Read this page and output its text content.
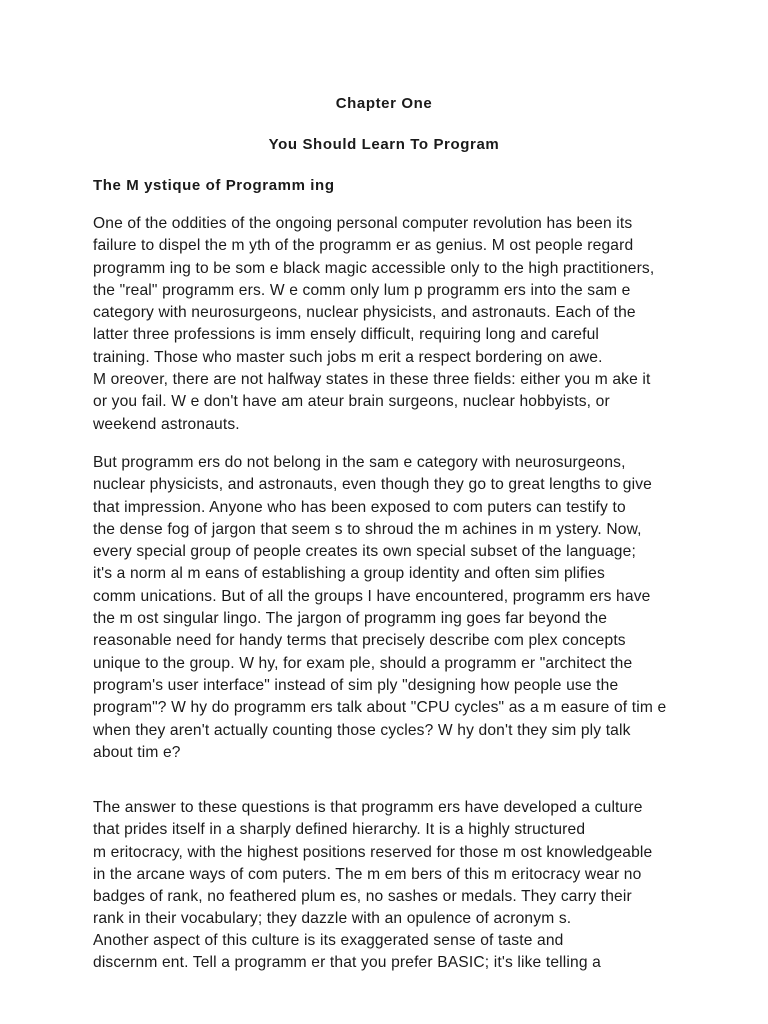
Chapter One
You Should Learn To Program
The M ystique of Programm ing

One of the oddities of the ongoing personal computer revolution has been its
failure to dispel the m yth of the programm er as genius. M ost people regard
programm ing to be som e black magic accessible only to the high practitioners,
the "real" programm ers. W e comm only lum p programm ers into the sam e
category with neurosurgeons, nuclear physicists, and astronauts. Each of the
latter three professions is imm ensely difficult, requiring long and careful
training. Those who master such jobs m erit a respect bordering on awe.
M oreover, there are not halfway states in these three fields: either you m ake it
or you fail. W e don't have am ateur brain surgeons, nuclear hobbyists, or
weekend astronauts.

But programm ers do not belong in the sam e category with neurosurgeons,
nuclear physicists, and astronauts, even though they go to great lengths to give
that impression. Anyone who has been exposed to com puters can testify to
the dense fog of jargon that seem s to shroud the m achines in m ystery. Now,
every special group of people creates its own special subset of the language;
it's a norm al m eans of establishing a group identity and often sim plifies
comm unications. But of all the groups I have encountered, programm ers have
the m ost singular lingo. The jargon of programm ing goes far beyond the
reasonable need for handy terms that precisely describe com plex concepts
unique to the group. W hy, for exam ple, should a programm er "architect the
program's user interface" instead of sim ply "designing how people use the
program"? W hy do programm ers talk about "CPU cycles" as a m easure of tim e
when they aren't actually counting those cycles? W hy don't they sim ply talk
about tim e?

The answer to these questions is that programm ers have developed a culture
that prides itself in a sharply defined hierarchy. It is a highly structured
m eritocracy, with the highest positions reserved for those m ost knowledgeable
in the arcane ways of com puters. The m em bers of this m eritocracy wear no
badges of rank, no feathered plum es, no sashes or medals. They carry their
rank in their vocabulary; they dazzle with an opulence of acronym s.

Another aspect of this culture is its exaggerated sense of taste and
discernm ent. Tell a programm er that you prefer BASIC; it's like telling a
